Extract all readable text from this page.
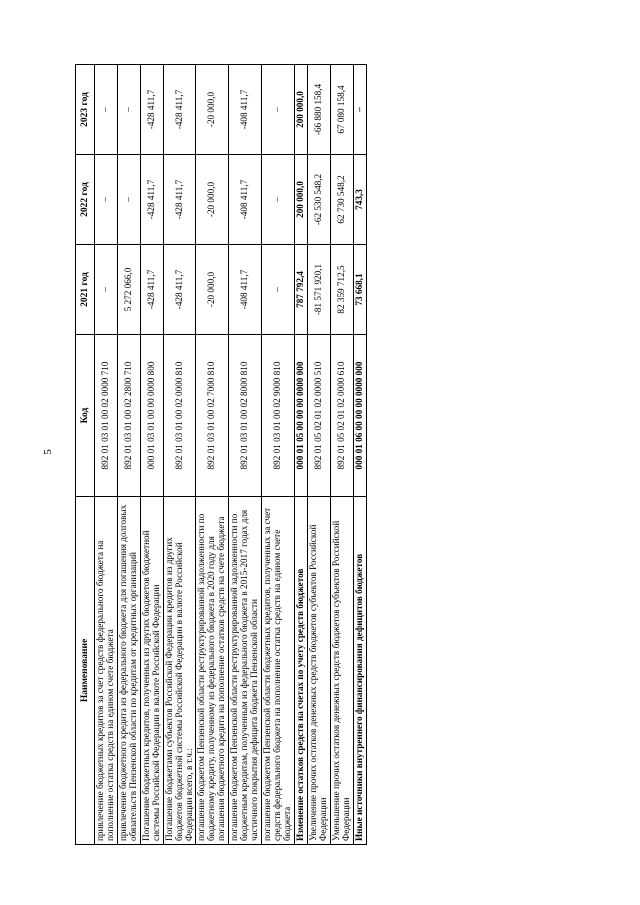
5
Наименование	Код	2021 год	2022 год	2023 год
привлечение бюджетных кредитов за счет средств федерального бюджета на пополнение остатка средств на едином счете бюджета	892 01 03 01 00 02 0000 710	–	–	–
привлечение бюджетного кредита из федерального бюджета для погашения долговых обязательств Пензенской области по кредитам от кредитных организаций	892 01 03 01 00 02 2800 710	5 272 066,0	–	–
Погашение бюджетных кредитов, полученных из других бюджетов бюджетной системы Российской Федерации в валюте Российской Федерации	000 01 03 01 00 00 0000 800	-428 411,7	-428 411,7	-428 411,7
Погашение бюджетами субъектов Российской Федерации кредитов из других бюджетов бюджетной системы Российской Федерации в валюте Российской Федерации всего, в т.ч.:	892 01 03 01 00 02 0000 810	-428 411,7	-428 411,7	-428 411,7
погашение бюджетом Пензенской области реструктурированной задолженности по бюджетному кредиту, полученному из федерального бюджета в 2020 году для погашения бюджетного кредита на пополнение остатков средств на счете бюджета	892 01 03 01 00 02 7000 810	-20 000,0	-20 000,0	-20 000,0
погашение бюджетом Пензенской области реструктурированной задолженности по бюджетным кредитам, полученным из федерального бюджета в 2015-2017 годах для частичного покрытия дефицита бюджета Пензенской области	892 01 03 01 00 02 8000 810	-408 411,7	-408 411,7	-408 411,7
погашение бюджетом Пензенской области бюджетных кредитов, полученных за счет средств федерального бюджета на пополнение остатка средств на едином счете бюджета	892 01 03 01 00 02 9000 810	–	–	–
Изменение остатков средств на счетах по учету средств бюджетов	000 01 05 00 00 00 0000 000	787 792,4	200 000,0	200 000,0
Увеличение прочих остатков денежных средств бюджетов субъектов Российской Федерации	892 01 05 02 01 02 0000 510	-81 571 920,1	-62 530 548,2	-66 880 158,4
Уменьшение прочих остатков денежных средств бюджетов субъектов Российской Федерации	892 01 05 02 01 02 0000 610	82 359 712,5	62 730 548,2	67 080 158,4
Иные источники внутреннего финансирования дефицитов бюджетов	000 01 06 00 00 00 0000 000	73 668,1	743,3	–
